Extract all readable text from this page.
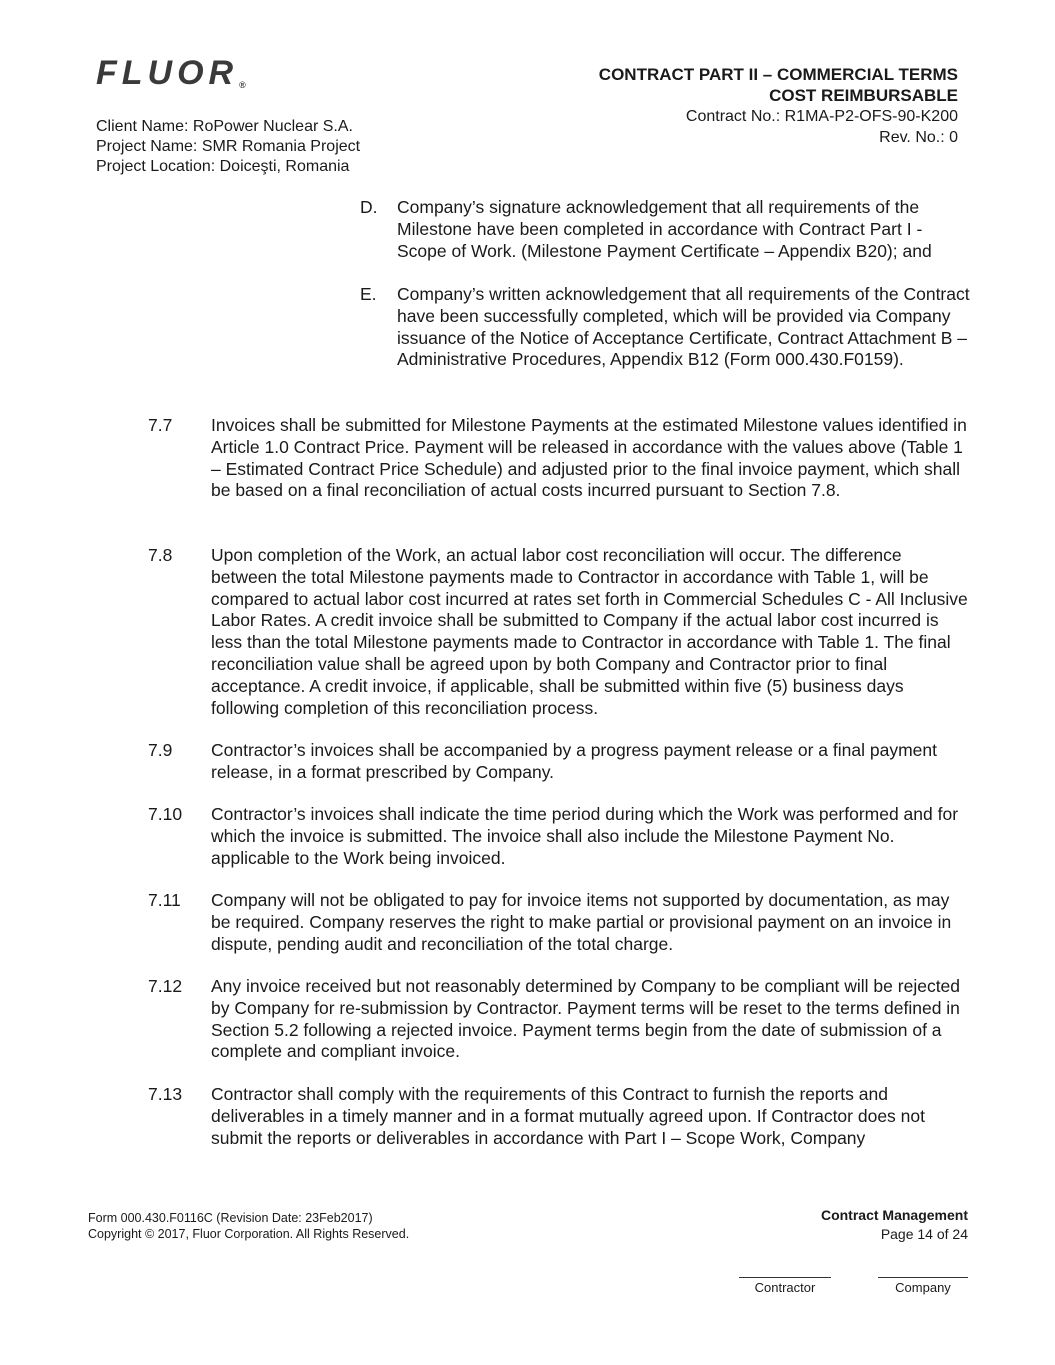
FLUOR®
Client Name: RoPower Nuclear S.A.
Project Name: SMR Romania Project
Project Location: Doiceşti, Romania
CONTRACT PART II – COMMERCIAL TERMS
COST REIMBURSABLE
Contract No.: R1MA-P2-OFS-90-K200
Rev. No.: 0
D. Company’s signature acknowledgement that all requirements of the Milestone have been completed in accordance with Contract Part I - Scope of Work. (Milestone Payment Certificate – Appendix B20); and
E. Company’s written acknowledgement that all requirements of the Contract have been successfully completed, which will be provided via Company issuance of the Notice of Acceptance Certificate, Contract Attachment B – Administrative Procedures, Appendix B12 (Form 000.430.F0159).
7.7 Invoices shall be submitted for Milestone Payments at the estimated Milestone values identified in Article 1.0 Contract Price. Payment will be released in accordance with the values above (Table 1 – Estimated Contract Price Schedule) and adjusted prior to the final invoice payment, which shall be based on a final reconciliation of actual costs incurred pursuant to Section 7.8.
7.8 Upon completion of the Work, an actual labor cost reconciliation will occur. The difference between the total Milestone payments made to Contractor in accordance with Table 1, will be compared to actual labor cost incurred at rates set forth in Commercial Schedules C - All Inclusive Labor Rates. A credit invoice shall be submitted to Company if the actual labor cost incurred is less than the total Milestone payments made to Contractor in accordance with Table 1. The final reconciliation value shall be agreed upon by both Company and Contractor prior to final acceptance. A credit invoice, if applicable, shall be submitted within five (5) business days following completion of this reconciliation process.
7.9 Contractor’s invoices shall be accompanied by a progress payment release or a final payment release, in a format prescribed by Company.
7.10 Contractor’s invoices shall indicate the time period during which the Work was performed and for which the invoice is submitted. The invoice shall also include the Milestone Payment No. applicable to the Work being invoiced.
7.11 Company will not be obligated to pay for invoice items not supported by documentation, as may be required. Company reserves the right to make partial or provisional payment on an invoice in dispute, pending audit and reconciliation of the total charge.
7.12 Any invoice received but not reasonably determined by Company to be compliant will be rejected by Company for re-submission by Contractor. Payment terms will be reset to the terms defined in Section 5.2 following a rejected invoice. Payment terms begin from the date of submission of a complete and compliant invoice.
7.13 Contractor shall comply with the requirements of this Contract to furnish the reports and deliverables in a timely manner and in a format mutually agreed upon. If Contractor does not submit the reports or deliverables in accordance with Part I – Scope Work, Company
Form 000.430.F0116C (Revision Date: 23Feb2017)
Copyright © 2017, Fluor Corporation. All Rights Reserved.
Contract Management
Page 14 of 24
Contractor	Company
